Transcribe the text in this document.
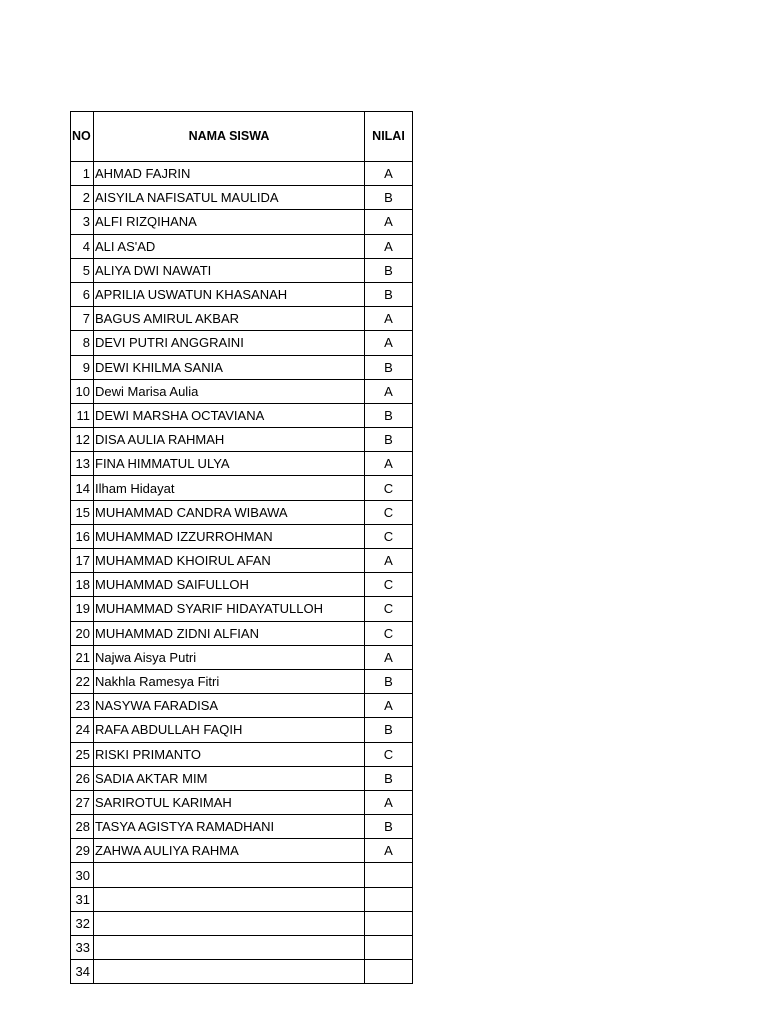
NO	NAMA SISWA	NILAI
1	AHMAD FAJRIN	A
2	AISYILA NAFISATUL MAULIDA	B
3	ALFI RIZQIHANA	A
4	ALI AS'AD	A
5	ALIYA DWI NAWATI	B
6	APRILIA USWATUN KHASANAH	B
7	BAGUS AMIRUL AKBAR	A
8	DEVI PUTRI ANGGRAINI	A
9	DEWI KHILMA SANIA	B
10	Dewi Marisa Aulia	A
11	DEWI MARSHA OCTAVIANA	B
12	DISA AULIA RAHMAH	B
13	FINA HIMMATUL ULYA	A
14	Ilham Hidayat	C
15	MUHAMMAD CANDRA WIBAWA	C
16	MUHAMMAD IZZURROHMAN	C
17	MUHAMMAD KHOIRUL AFAN	A
18	MUHAMMAD SAIFULLOH	C
19	MUHAMMAD SYARIF HIDAYATULLOH	C
20	MUHAMMAD ZIDNI ALFIAN	C
21	Najwa Aisya Putri	A
22	Nakhla Ramesya Fitri	B
23	NASYWA FARADISA	A
24	RAFA ABDULLAH FAQIH	B
25	RISKI PRIMANTO	C
26	SADIA AKTAR MIM	B
27	SARIROTUL KARIMAH	A
28	TASYA AGISTYA RAMADHANI	B
29	ZAHWA AULIYA RAHMA	A
30		
31		
32		
33		
34		
